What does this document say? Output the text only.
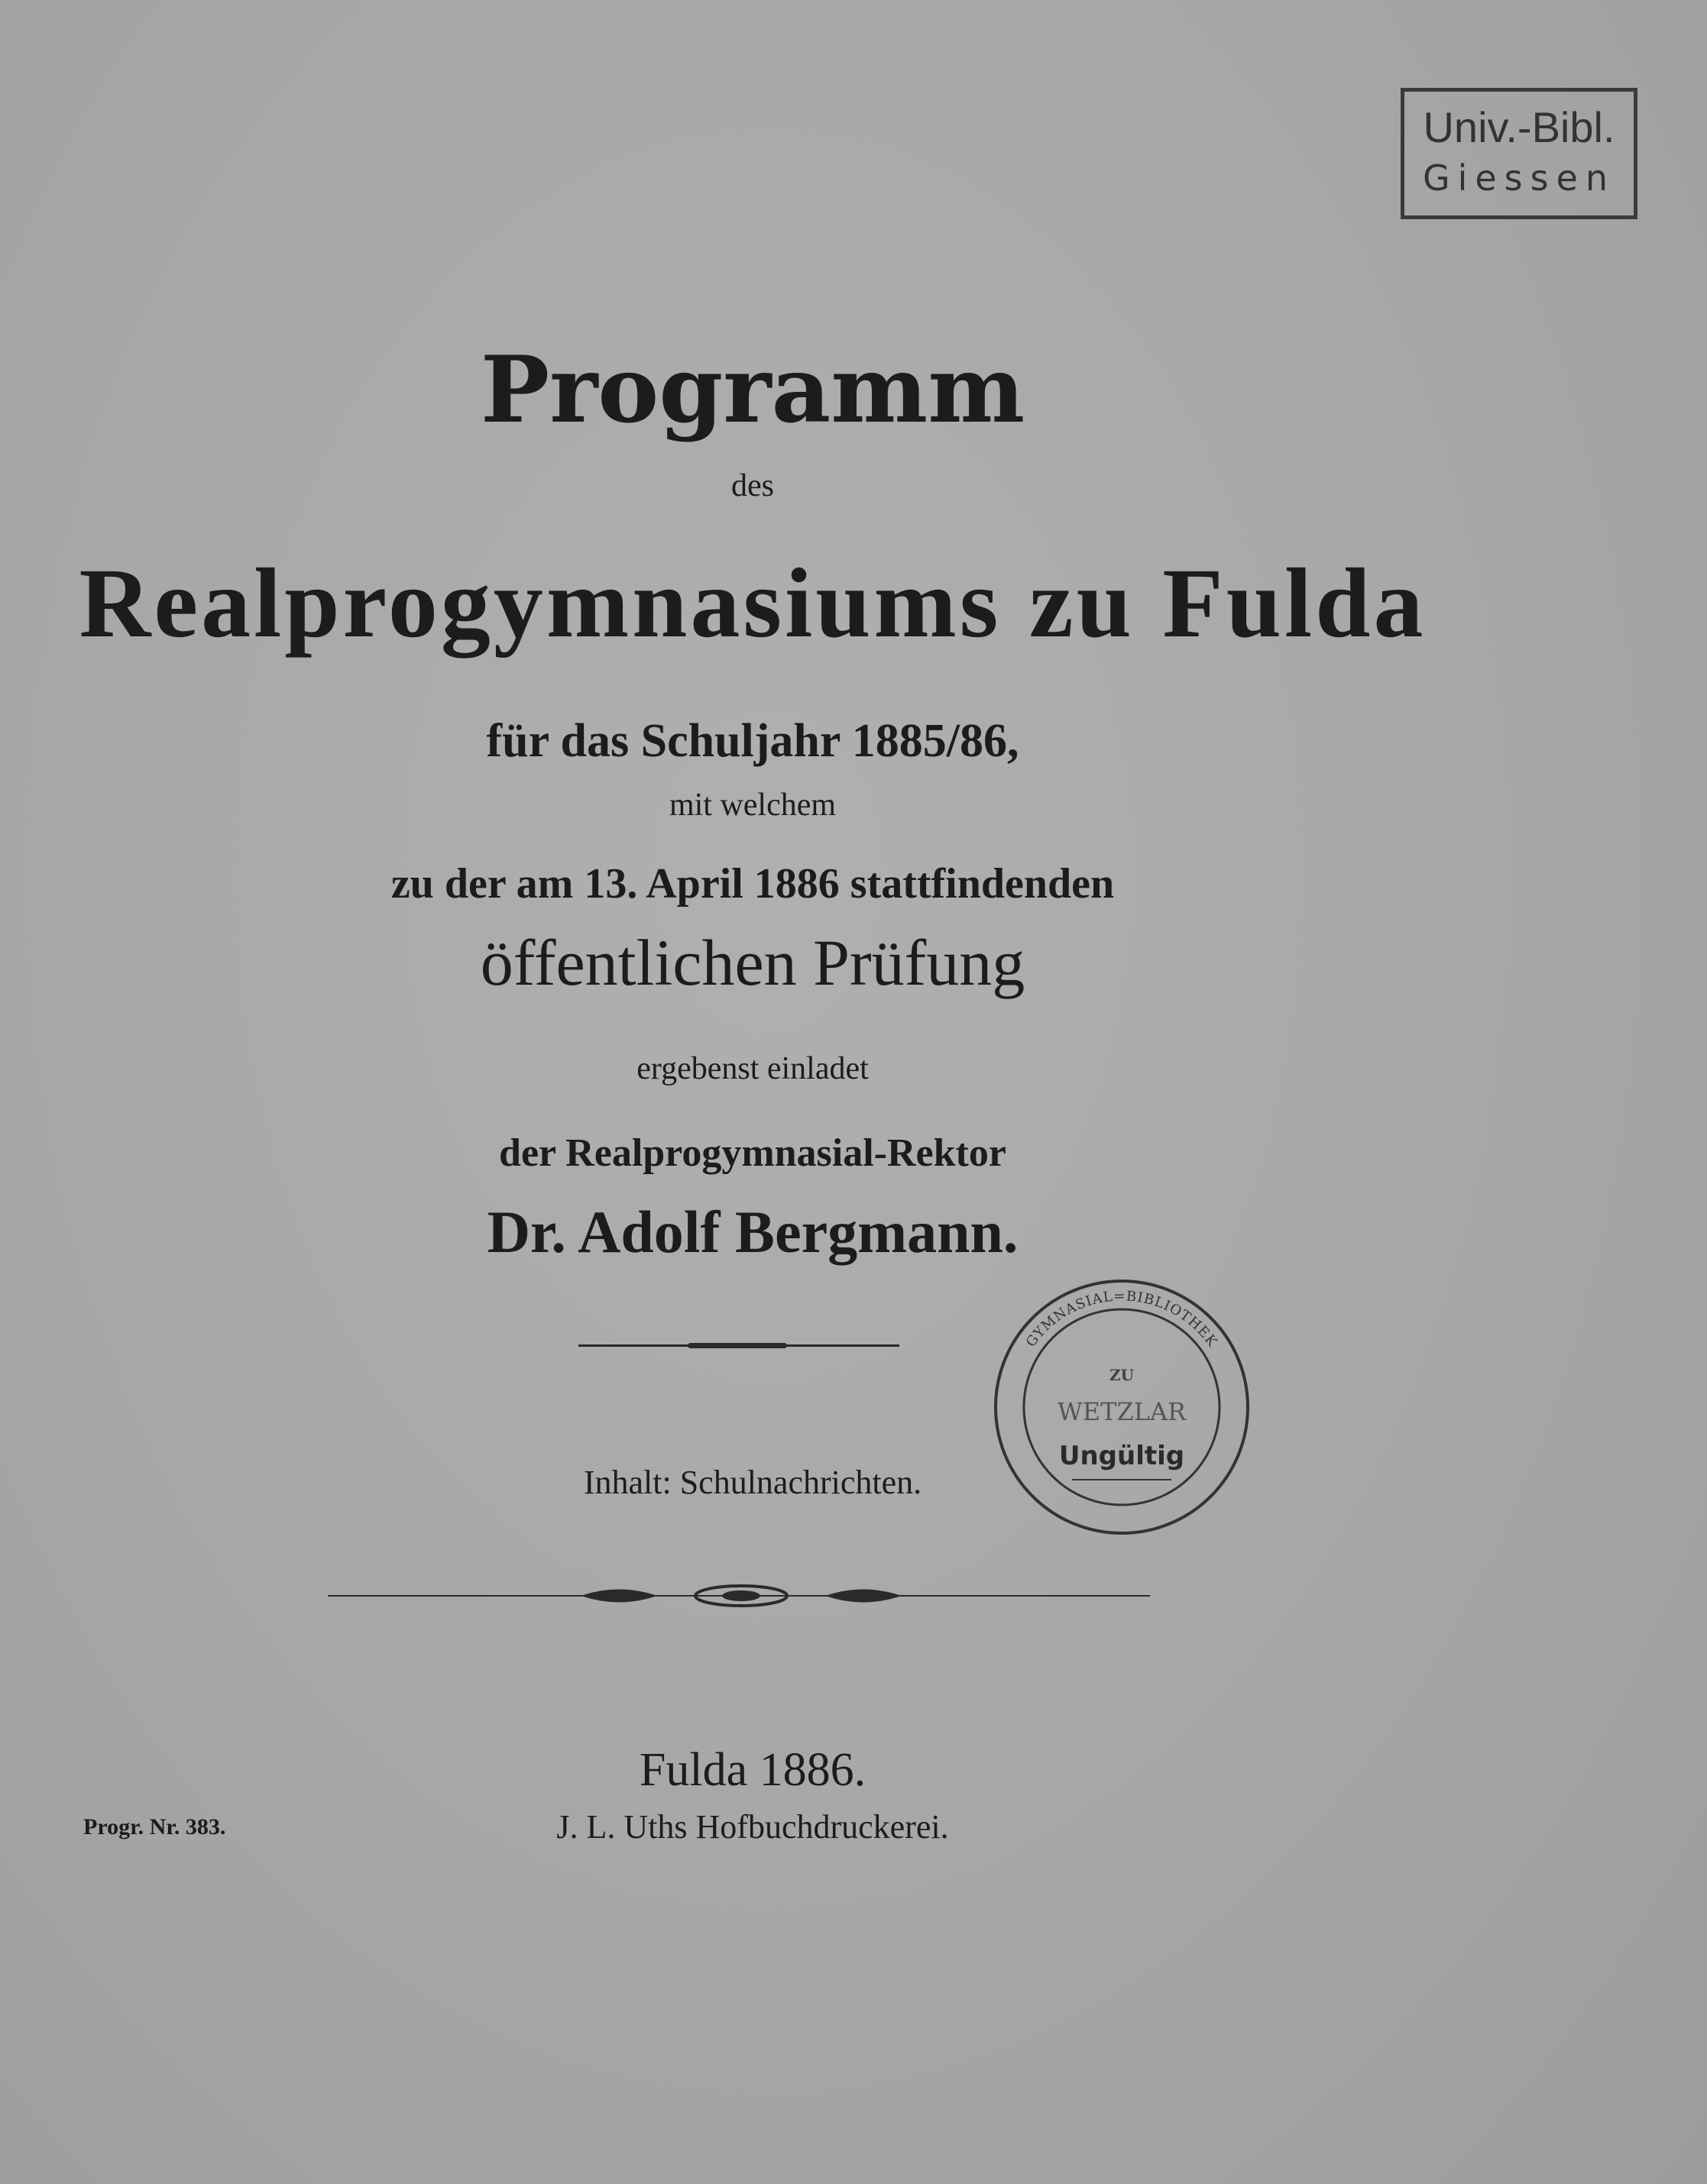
Univ.-Bibl.
Giessen
Programm
des
Realprogymnasiums zu Fulda
für das Schuljahr 1885/86,
mit welchem
zu der am 13. April 1886 stattfindenden
öffentlichen Prüfung
ergebenst einladet
der Realprogymnasial-Rektor
Dr. Adolf Bergmann.
Inhalt: Schulnachrichten.
GYMNASIAL=BIBLIOTHEK
ZU
WETZLAR
Ungültig
Fulda 1886.
J. L. Uths Hofbuchdruckerei.
Progr. Nr. 383.
